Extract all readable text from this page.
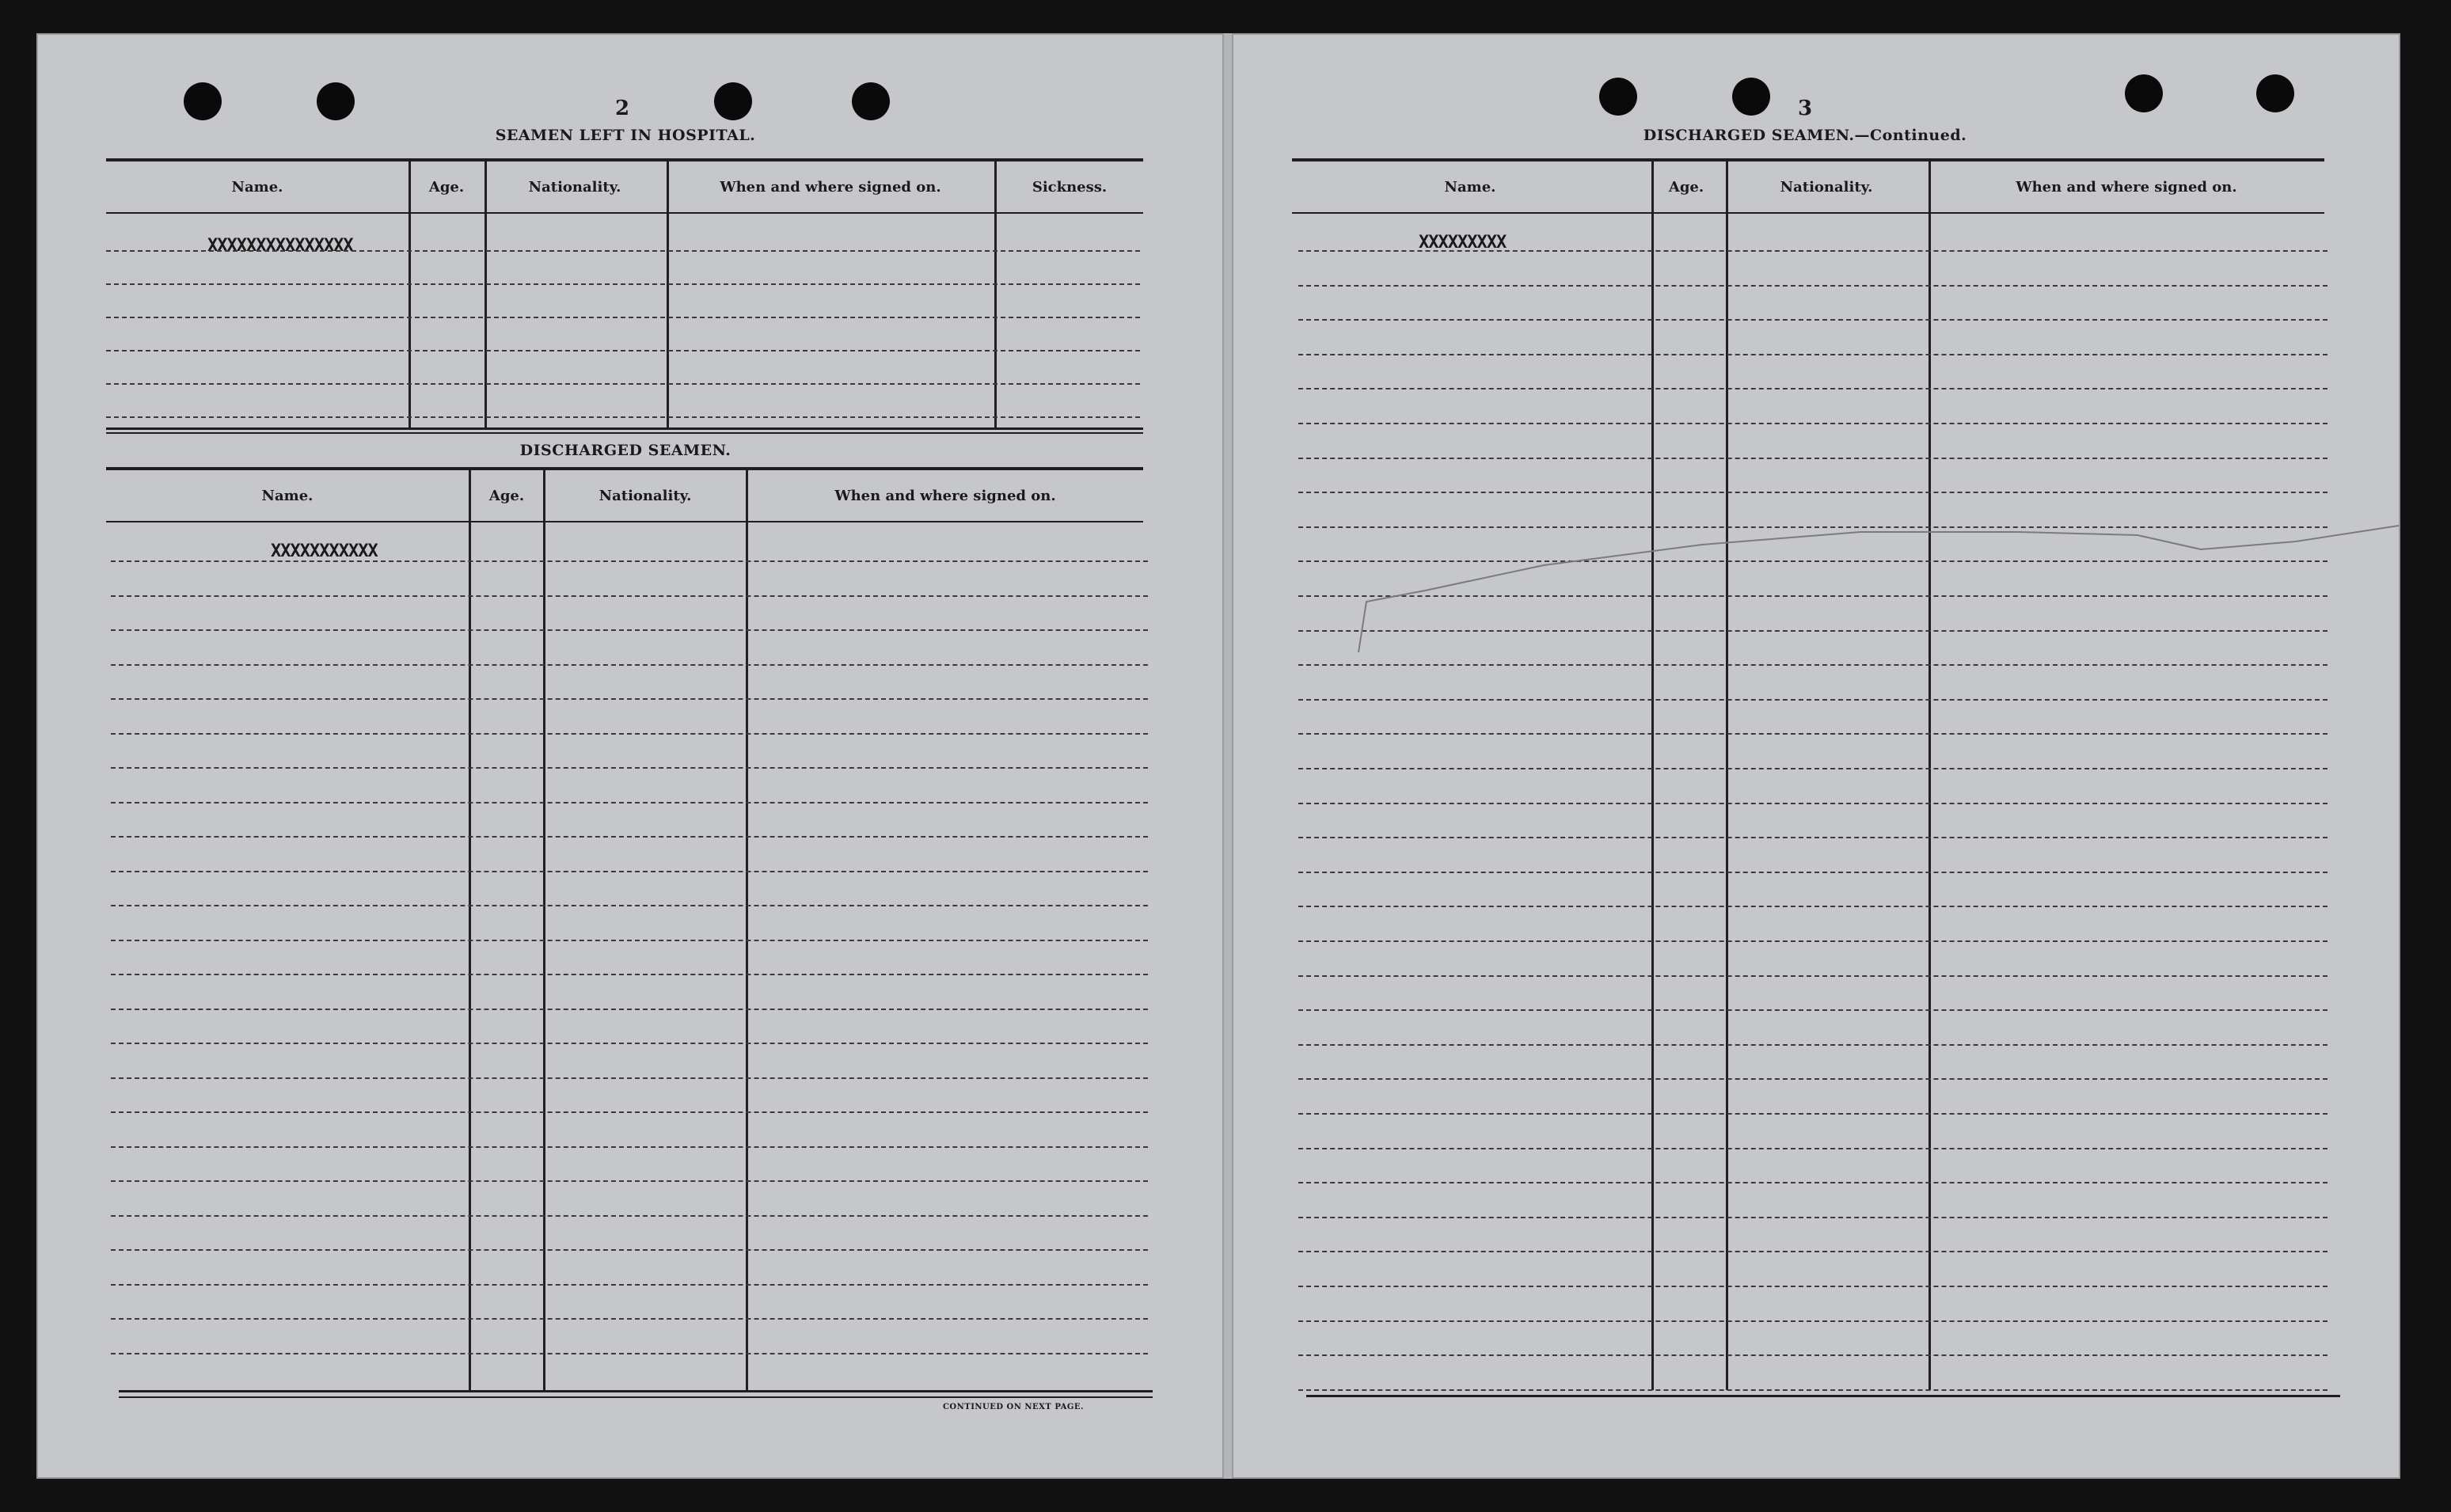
2
SEAMEN LEFT IN HOSPITAL.
Name.	Age.	Nationality.	When and where signed on.	Sickness.
XXXXXXXXXXXXXXX
DISCHARGED SEAMEN.
Name.	Age.	Nationality.	When and where signed on.
XXXXXXXXXXX
CONTINUED ON NEXT PAGE.
3
DISCHARGED SEAMEN.—Continued.
Name.	Age.	Nationality.	When and where signed on.
XXXXXXXXX
